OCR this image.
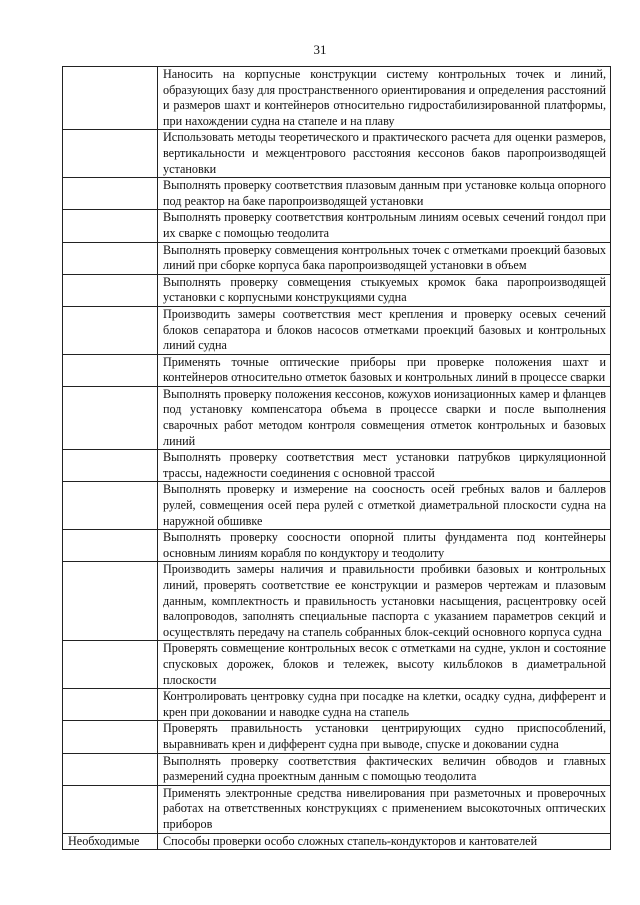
31
	Наносить на корпусные конструкции систему контрольных точек и линий, образующих базу для пространственного ориентирования и определения расстояний и размеров шахт и контейнеров относительно гидростабилизированной платформы, при нахождении судна на стапеле и на плаву
	Использовать методы теоретического и практического расчета для оценки размеров, вертикальности и межцентрового расстояния кессонов баков паропроизводящей установки
	Выполнять проверку соответствия плазовым данным при установке кольца опорного под реактор на баке паропроизводящей установки
	Выполнять проверку соответствия контрольным линиям осевых сечений гондол при их сварке с помощью теодолита
	Выполнять проверку совмещения контрольных точек с отметками проекций базовых линий при сборке корпуса бака паропроизводящей установки в объем
	Выполнять проверку совмещения стыкуемых кромок бака паропроизводящей установки с корпусными конструкциями судна
	Производить замеры соответствия мест крепления и проверку осевых сечений блоков сепаратора и блоков насосов отметками проекций базовых и контрольных линий судна
	Применять точные оптические приборы при проверке положения шахт и контейнеров относительно отметок базовых и контрольных линий в процессе сварки
	Выполнять проверку положения кессонов, кожухов ионизационных камер и фланцев под установку компенсатора объема в процессе сварки и после выполнения сварочных работ методом контроля совмещения отметок контрольных и базовых линий
	Выполнять проверку соответствия мест установки патрубков циркуляционной трассы, надежности соединения с основной трассой
	Выполнять проверку и измерение на соосность осей гребных валов и баллеров рулей, совмещения осей пера рулей с отметкой диаметральной плоскости судна на наружной обшивке
	Выполнять проверку соосности опорной плиты фундамента под контейнеры основным линиям корабля по кондуктору и теодолиту
	Производить замеры наличия и правильности пробивки базовых и контрольных линий, проверять соответствие ее конструкции и размеров чертежам и плазовым данным, комплектность и правильность установки насыщения, расцентровку осей валопроводов, заполнять специальные паспорта с указанием параметров секций и осуществлять передачу на стапель собранных блок-секций основного корпуса судна
	Проверять совмещение контрольных весок с отметками на судне, уклон и состояние спусковых дорожек, блоков и тележек, высоту кильблоков в диаметральной плоскости
	Контролировать центровку судна при посадке на клетки, осадку судна, дифферент и крен при доковании и наводке судна на стапель
	Проверять правильность установки центрирующих судно приспособлений, выравнивать крен и дифферент судна при выводе, спуске и доковании судна
	Выполнять проверку соответствия фактических величин обводов и главных размерений судна проектным данным с помощью теодолита
	Применять электронные средства нивелирования при разметочных и проверочных работах на ответственных конструкциях с применением высокоточных оптических приборов
Необходимые	Способы проверки особо сложных стапель-кондукторов и кантователей
